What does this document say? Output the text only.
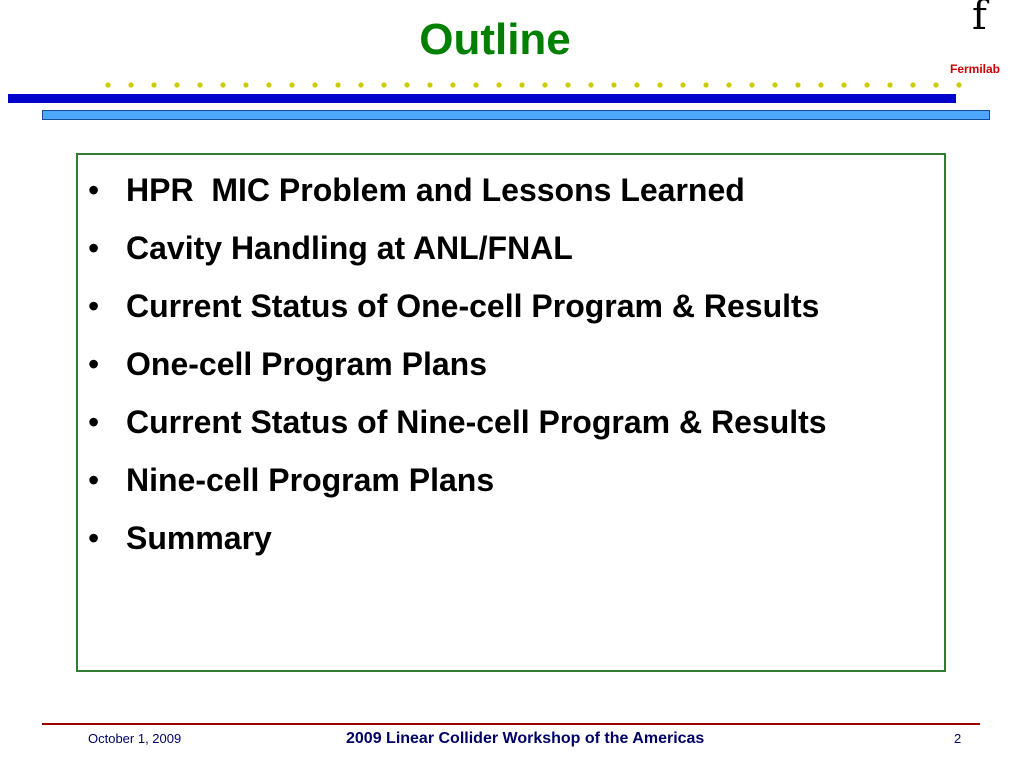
Outline	f
Fermilab
• HPR  MIC Problem and Lessons Learned
• Cavity Handling at ANL/FNAL
• Current Status of One-cell Program & Results
• One-cell Program Plans
• Current Status of Nine-cell Program & Results
• Nine-cell Program Plans
• Summary
October 1, 2009	2009 Linear Collider Workshop of the Americas	2
